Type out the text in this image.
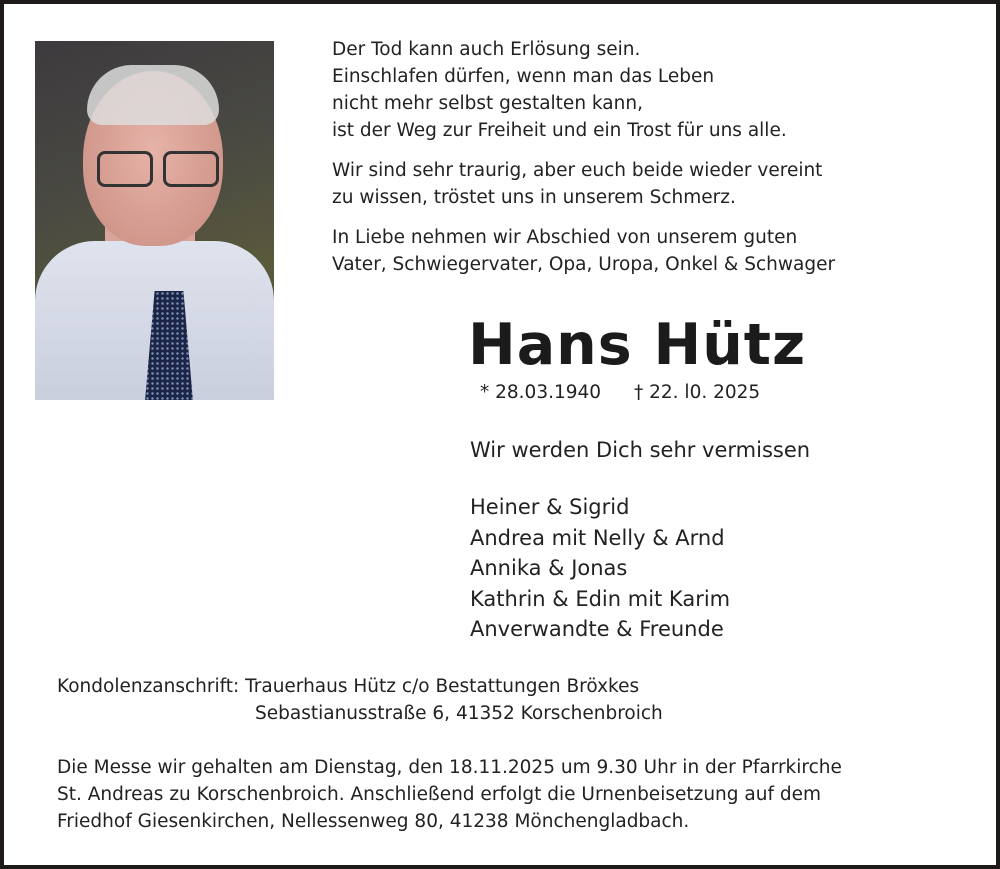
Der Tod kann auch Erlösung sein.
Einschlafen dürfen, wenn man das Leben
nicht mehr selbst gestalten kann,
ist der Weg zur Freiheit und ein Trost für uns alle.

Wir sind sehr traurig, aber euch beide wieder vereint
zu wissen, tröstet uns in unserem Schmerz.

In Liebe nehmen wir Abschied von unserem guten
Vater, Schwiegervater, Opa, Uropa, Onkel & Schwager

Hans Hütz
* 28.03.1940 † 22. l0. 2025
Wir werden Dich sehr vermissen
Heiner & Sigrid
Andrea mit Nelly & Arnd
Annika & Jonas
Kathrin & Edin mit Karim
Anverwandte & Freunde
Kondolenzanschrift: Trauerhaus Hütz c/o Bestattungen Bröxkes
Sebastianusstraße 6, 41352 Korschenbroich
Die Messe wir gehalten am Dienstag, den 18.11.2025 um 9.30 Uhr in der Pfarrkirche
St. Andreas zu Korschenbroich. Anschließend erfolgt die Urnenbeisetzung auf dem
Friedhof Giesenkirchen, Nellessenweg 80, 41238 Mönchengladbach.
